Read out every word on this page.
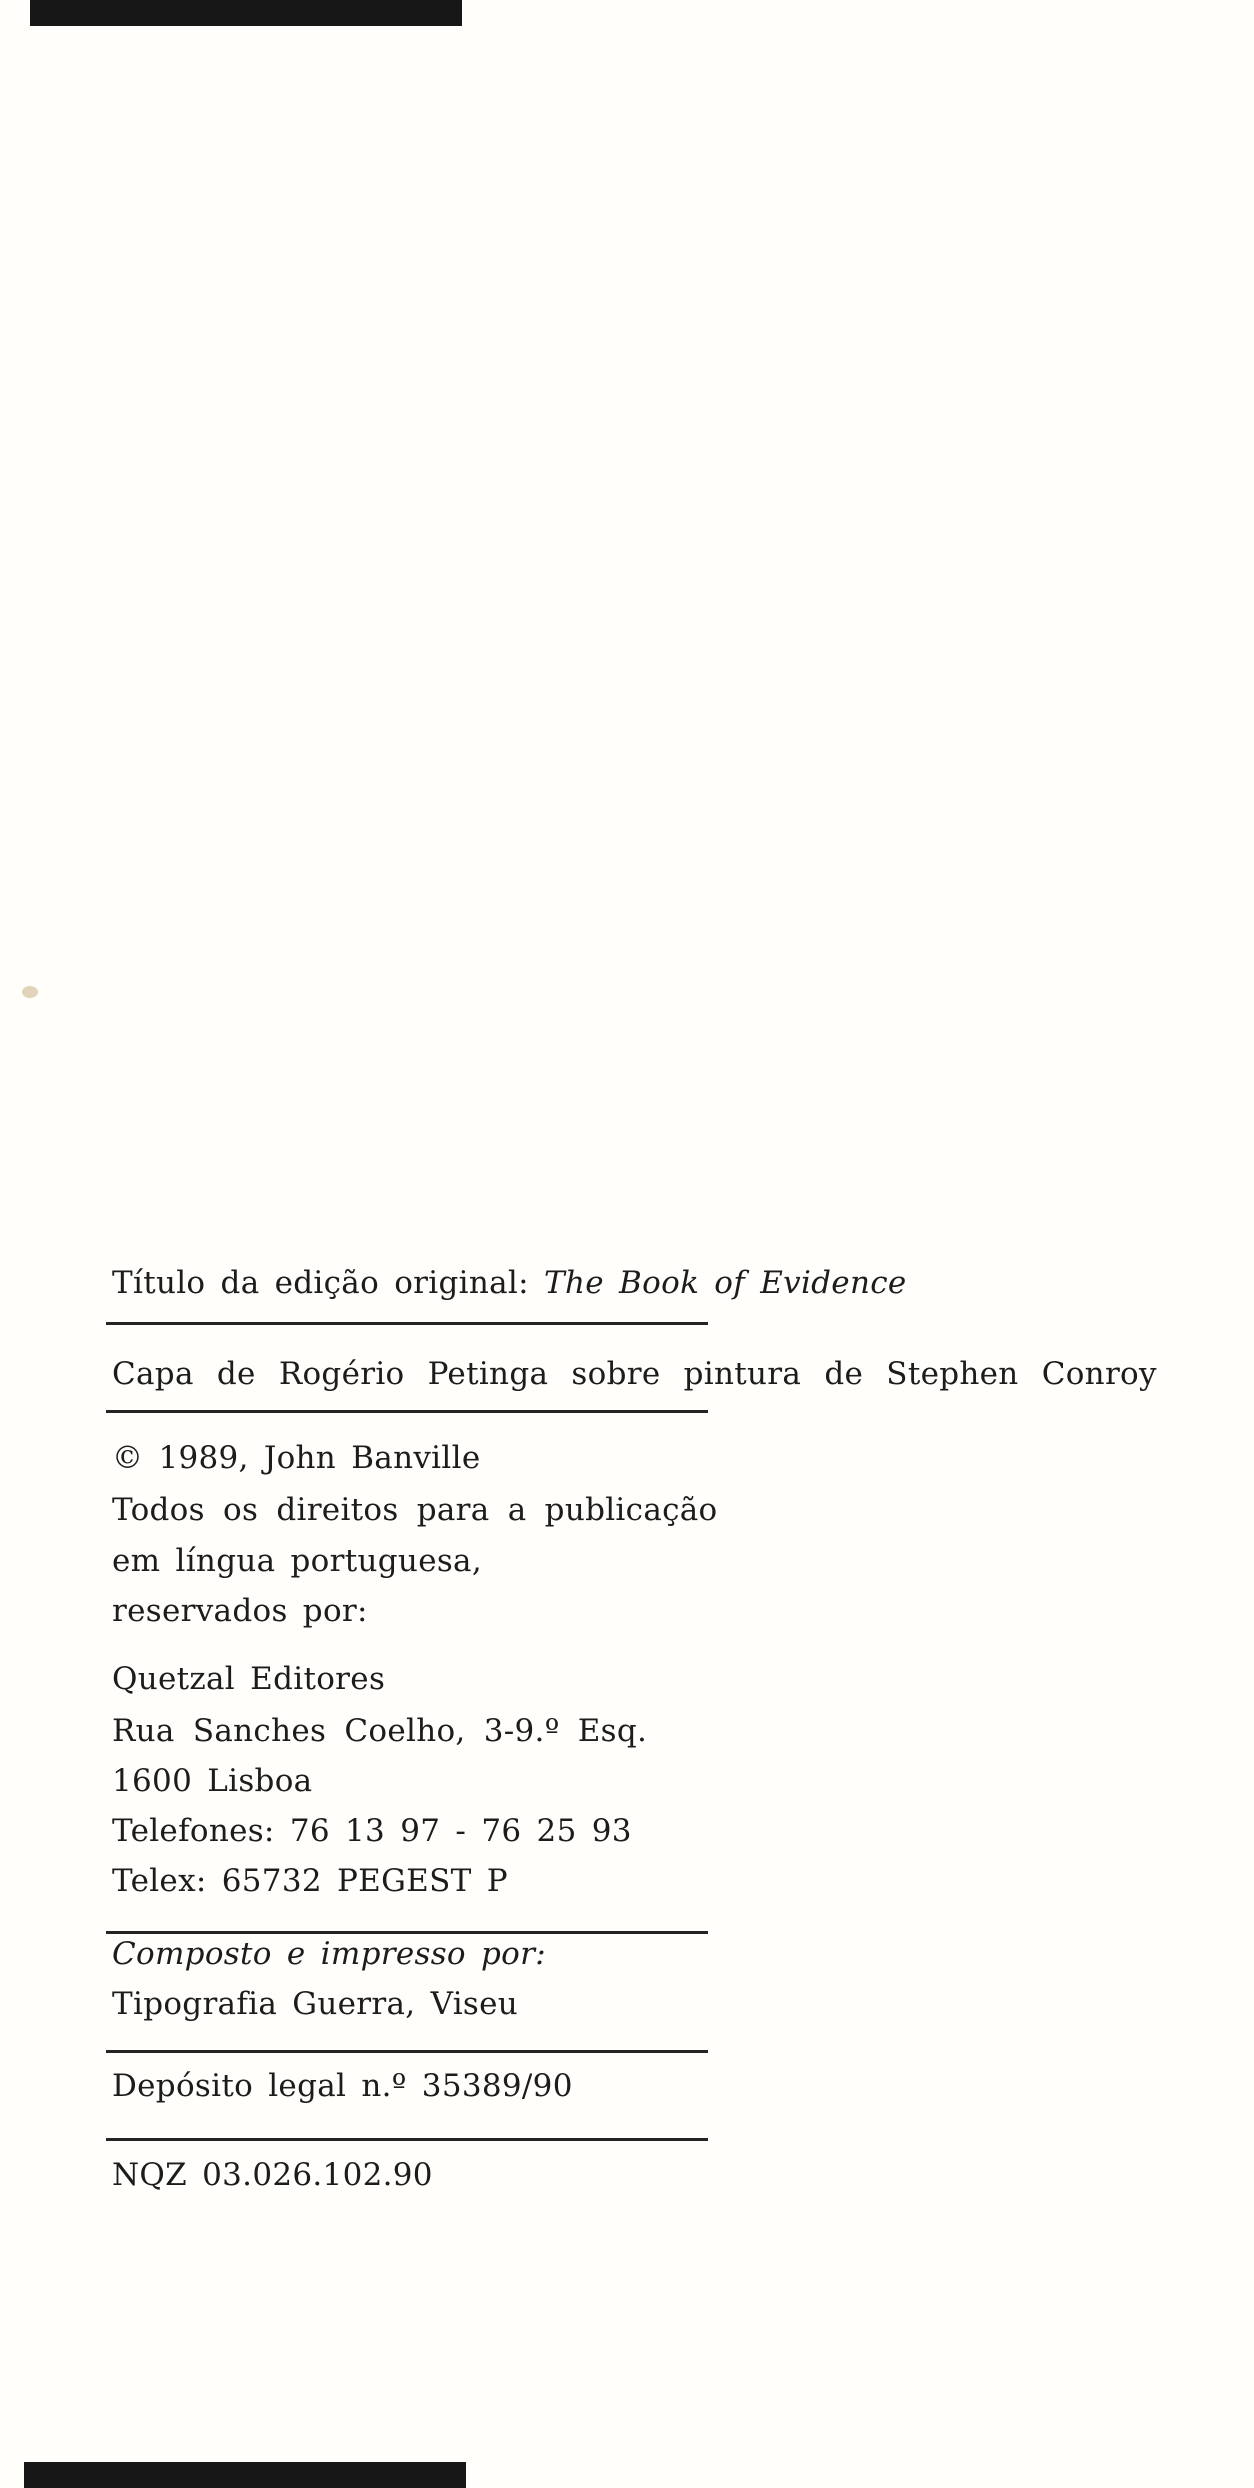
Título da edição original: The Book of Evidence
Capa de Rogério Petinga sobre pintura de Stephen Conroy
© 1989, John Banville
Todos os direitos para a publicação
em língua portuguesa,
reservados por:
Quetzal Editores
Rua Sanches Coelho, 3-9.º Esq.
1600 Lisboa
Telefones: 76 13 97 - 76 25 93
Telex: 65732 PEGEST P
Composto e impresso por:
Tipografia Guerra, Viseu
Depósito legal n.º 35389/90
NQZ 03.026.102.90
